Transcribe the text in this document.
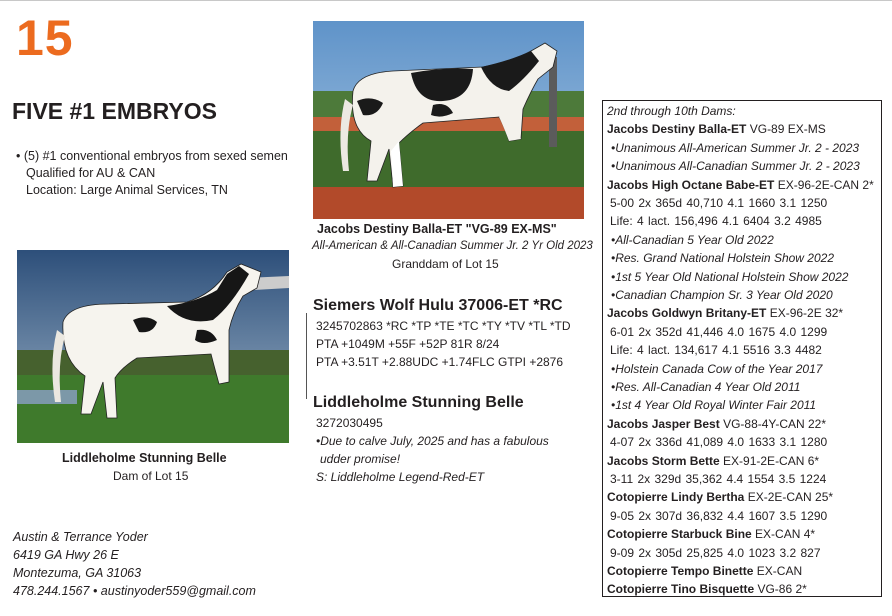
15
FIVE #1 EMBRYOS
• (5) #1 conventional embryos from sexed semen
Qualified for AU & CAN
Location: Large Animal Services, TN
Jacobs Destiny Balla-ET "VG-89 EX-MS"
All-American & All-Canadian Summer Jr. 2 Yr Old 2023
Granddam of Lot 15
Liddleholme Stunning Belle
Dam of Lot 15
Siemers Wolf Hulu 37006-ET *RC
3245702863 *RC *TP *TE *TC *TY *TV *TL *TD
PTA +1049M +55F +52P 81R 8/24
PTA +3.51T +2.88UDC +1.74FLC GTPI +2876
Liddleholme Stunning Belle
3272030495
•Due to calve July, 2025 and has a fabulous
udder promise!
S: Liddleholme Legend-Red-ET
Austin & Terrance Yoder
6419 GA Hwy 26 E
Montezuma, GA 31063
478.244.1567 • austinyoder559@gmail.com
2nd through 10th Dams:
Jacobs Destiny Balla-ET VG-89 EX-MS
•Unanimous All-American Summer Jr. 2 - 2023
•Unanimous All-Canadian Summer Jr. 2 - 2023
Jacobs High Octane Babe-ET EX-96-2E-CAN 2*
5-00 2x 365d 40,710 4.1 1660 3.1 1250
Life: 4 lact. 156,496 4.1 6404 3.2 4985
•All-Canadian 5 Year Old 2022
•Res. Grand National Holstein Show 2022
•1st 5 Year Old National Holstein Show 2022
•Canadian Champion Sr. 3 Year Old 2020
Jacobs Goldwyn Britany-ET EX-96-2E 32*
6-01 2x 352d 41,446 4.0 1675 4.0 1299
Life: 4 lact. 134,617 4.1 5516 3.3 4482
•Holstein Canada Cow of the Year 2017
•Res. All-Canadian 4 Year Old 2011
•1st 4 Year Old Royal Winter Fair 2011
Jacobs Jasper Best VG-88-4Y-CAN 22*
4-07 2x 336d 41,089 4.0 1633 3.1 1280
Jacobs Storm Bette EX-91-2E-CAN 6*
3-11 2x 329d 35,362 4.4 1554 3.5 1224
Cotopierre Lindy Bertha EX-2E-CAN 25*
9-05 2x 307d 36,832 4.4 1607 3.5 1290
Cotopierre Starbuck Bine EX-CAN 4*
9-09 2x 305d 25,825 4.0 1023 3.2 827
Cotopierre Tempo Binette EX-CAN
Cotopierre Tino Bisquette VG-86 2*
